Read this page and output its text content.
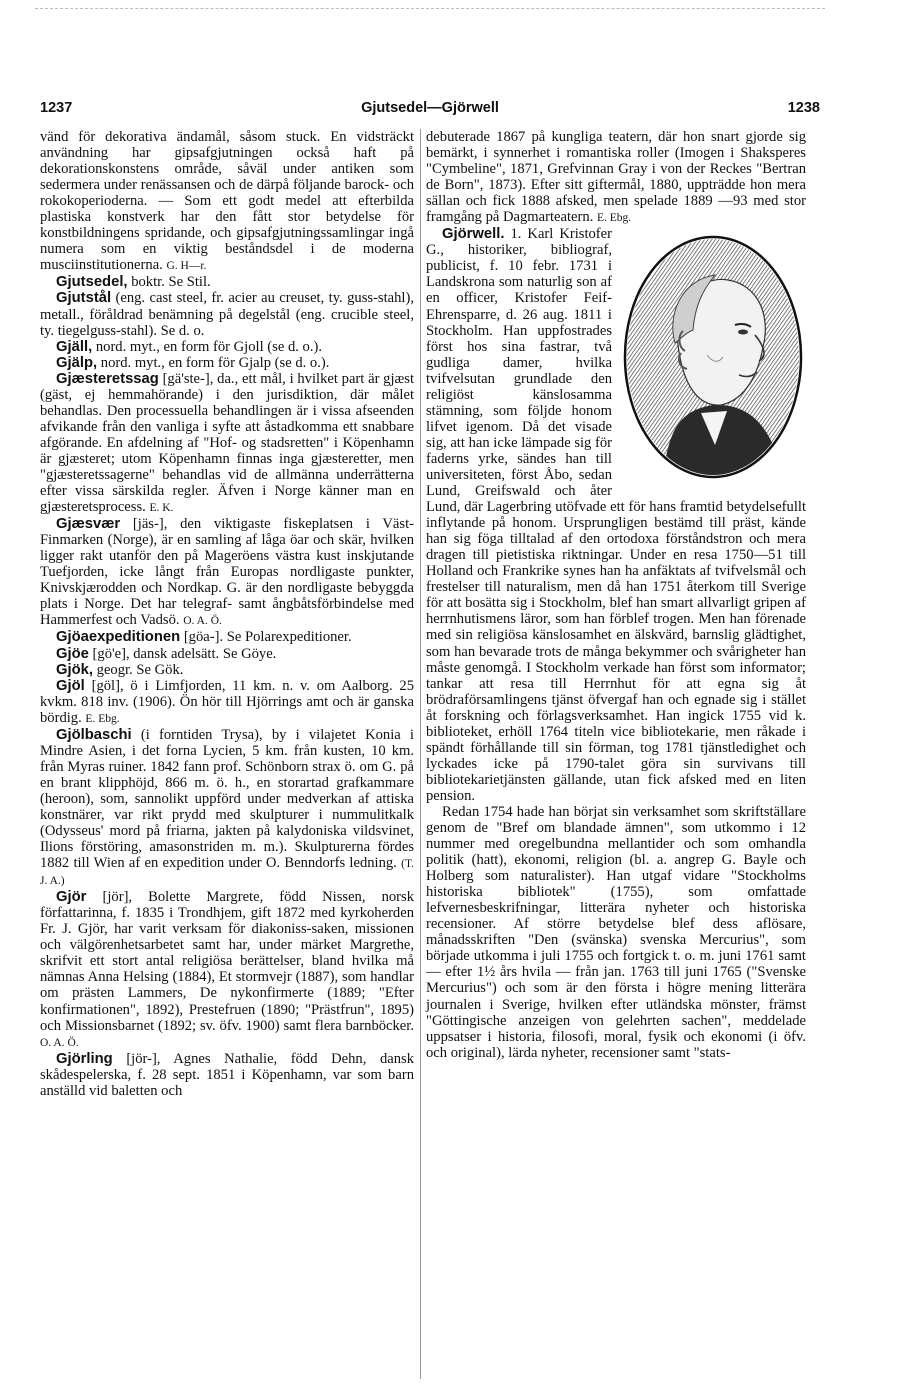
1237	Gjutsedel—Gjörwell	1238

vänd för dekorativa ändamål, såsom stuck. En vidsträckt användning har gipsafgjutningen också haft på dekorationskonstens område, såväl under antiken som sedermera under renässansen och de därpå följande barock- och rokokoperioderna. — Som ett godt medel att efterbilda plastiska konstverk har den fått stor betydelse för konstbildningens spridande, och gipsafgjutningssamlingar ingå numera som en viktig beståndsdel i de moderna musciinstitutionerna. G. H—r.

Gjutsedel, boktr. Se Stil.

Gjutstål (eng. cast steel, fr. acier au creuset, ty. guss-stahl), metall., föråldrad benämning på degelstål (eng. crucible steel, ty. tiegelguss-stahl). Se d. o.

Gjäll, nord. myt., en form för Gjoll (se d. o.).

Gjälp, nord. myt., en form för Gjalp (se d. o.).

Gjæsteretssag [gä'ste-], da., ett mål, i hvilket part är gjæst (gäst, ej hemmahörande) i den jurisdiktion, där målet behandlas. Den processuella behandlingen är i vissa afseenden afvikande från den vanliga i syfte att åstadkomma ett snabbare afgörande. En afdelning af "Hof- og stadsretten" i Köpenhamn är gjæsteret; utom Köpenhamn finnas inga gjæsteretter, men "gjæsteretssagerne" behandlas vid de allmänna underrätterna efter vissa särskilda regler. Äfven i Norge känner man en gjæsteretsprocess. E. K.

Gjæsvær [jäs-], den viktigaste fiskeplatsen i Väst-Finmarken (Norge), är en samling af låga öar och skär, hvilken ligger rakt utanför den på Mageröens västra kust inskjutande Tuefjorden, icke långt från Europas nordligaste punkter, Knivskjærodden och Nordkap. G. är den nordligaste bebyggda plats i Norge. Det har telegraf- samt ångbåtsförbindelse med Hammerfest och Vadsö. O. A. Ö.

Gjöaexpeditionen [göa-]. Se Polarexpeditioner.

Gjöe [gö'e], dansk adelsätt. Se Göye.

Gjök, geogr. Se Gök.

Gjöl [göl], ö i Limfjorden, 11 km. n. v. om Aalborg. 25 kvkm. 818 inv. (1906). Ön hör till Hjörrings amt och är ganska bördig. E. Ebg.

Gjölbaschi (i forntiden Trysa), by i vilajetet Konia i Mindre Asien, i det forna Lycien, 5 km. från kusten, 10 km. från Myras ruiner. 1842 fann prof. Schönborn strax ö. om G. på en brant klipphöjd, 866 m. ö. h., en storartad grafkammare (heroon), som, sannolikt uppförd under medverkan af attiska konstnärer, var rikt prydd med skulpturer i nummulitkalk (Odysseus' mord på friarna, jakten på kalydoniska vildsvinet, Ilions förstöring, amasonstriden m. m.). Skulpturerna fördes 1882 till Wien af en expedition under O. Benndorfs ledning. (T. J. A.)

Gjör [jör], Bolette Margrete, född Nissen, norsk författarinna, f. 1835 i Trondhjem, gift 1872 med kyrkoherden Fr. J. Gjör, har varit verksam för diakoniss-saken, missionen och välgörenhetsarbetet samt har, under märket Margrethe, skrifvit ett stort antal religiösa berättelser, bland hvilka må nämnas Anna Helsing (1884), Et stormvejr (1887), som handlar om prästen Lammers, De nykonfirmerte (1889; "Efter konfirmationen", 1892), Prestefruen (1890; "Prästfrun", 1895) och Missionsbarnet (1892; sv. öfv. 1900) samt flera barnböcker. O. A. Ö.

Gjörling [jör-], Agnes Nathalie, född Dehn, dansk skådespelerska, f. 28 sept. 1851 i Köpenhamn, var som barn anställd vid baletten och

debuterade 1867 på kungliga teatern, där hon snart gjorde sig bemärkt, i synnerhet i romantiska roller (Imogen i Shaksperes "Cymbeline", 1871, Grefvinnan Gray i von der Reckes "Bertran de Born", 1873). Efter sitt giftermål, 1880, uppträdde hon mera sällan och fick 1888 afsked, men spelade 1889 —93 med stor framgång på Dagmarteatern. E. Ebg.

Gjörwell. 1. Karl Kristofer G., historiker, bibliograf, publicist, f. 10 febr. 1731 i Landskrona som naturlig son af en officer, Kristofer Feif-Ehrensparre, d. 26 aug. 1811 i Stockholm. Han uppfostrades först hos sina fastrar, två gudliga damer, hvilka tvifvelsutan grundlade den religiöst känslosamma stämning, som följde honom lifvet igenom. Då det visade sig, att han icke lämpade sig för faderns yrke, sändes han till universiteten, först Åbo, sedan Lund, Greifswald och åter Lund, där Lagerbring utöfvade ett för hans framtid betydelsefullt inflytande på honom. Ursprungligen bestämd till präst, kände han sig föga tilltalad af den ortodoxa förståndstron och mera dragen till pietistiska riktningar. Under en resa 1750—51 till Holland och Frankrike synes han ha anfäktats af tvifvelsmål och frestelser till naturalism, men då han 1751 återkom till Sverige för att bosätta sig i Stockholm, blef han smart allvarligt gripen af herrnhutismens läror, som han förblef trogen. Men han förenade med sin religiösa känslosamhet en älskvärd, barnslig glädtighet, som han bevarade trots de många bekymmer och svårigheter han måste genomgå. I Stockholm verkade han först som informator; tankar att resa till Herrnhut för att egna sig åt brödraförsamlingens tjänst öfvergaf han och egnade sig i stället åt forskning och förlagsverksamhet. Han ingick 1755 vid k. biblioteket, erhöll 1764 titeln vice bibliotekarie, men råkade i spändt förhållande till sin förman, tog 1781 tjänstledighet och lyckades icke på 1790-talet göra sin survivans till bibliotekarietjänsten gällande, utan fick afsked med en liten pension.

Redan 1754 hade han börjat sin verksamhet som skriftställare genom de "Bref om blandade ämnen", som utkommo i 12 nummer med oregelbundna mellantider och som omhandla politik (hatt), ekonomi, religion (bl. a. angrep G. Bayle och Holberg som naturalister). Han utgaf vidare "Stockholms historiska bibliotek" (1755), som omfattade lefvernesbeskrifningar, litterära nyheter och historiska recensioner. Af större betydelse blef dess aflösare, månadsskriften "Den (svänska) svenska Mercurius", som började utkomma i juli 1755 och fortgick t. o. m. juni 1761 samt — efter 1½ års hvila — från jan. 1763 till juni 1765 ("Svenske Mercurius") och som är den första i högre mening litterära journalen i Sverige, hvilken efter utländska mönster, främst "Göttingische anzeigen von gelehrten sachen", meddelade uppsatser i historia, filosofi, moral, fysik och ekonomi (i öfv. och original), lärda nyheter, recensioner samt "stats-
